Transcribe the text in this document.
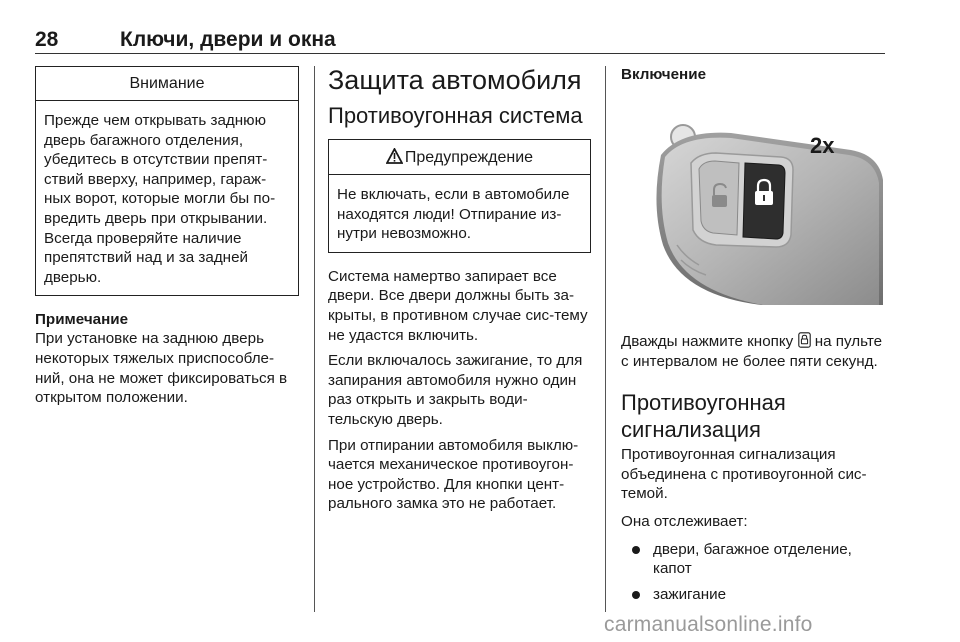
28	Ключи, двери и окна
Внимание
Прежде чем открывать заднюю дверь багажного отделения, убедитесь в отсутствии препят-ствий вверху, например, гараж-ных ворот, которые могли бы по-вредить дверь при открывании. Всегда проверяйте наличие препятствий над и за задней дверью.
Примечание

При установке на заднюю дверь некоторых тяжелых приспособле-ний, она не может фиксироваться в открытом положении.

Защита автомобиля
Противоугонная система
Предупреждение
Не включать, если в автомобиле находятся люди! Отпирание из-нутри невозможно.

Система намертво запирает все двери. Все двери должны быть за-крыты, в противном случае сис-тему не удастся включить.

Если включалось зажигание, то для запирания автомобиля нужно один раз открыть и закрыть води-тельскую дверь.

При отпирании автомобиля выклю-чается механическое противоугон-ное устройство. Для кнопки цент-рального замка это не работает.

Включение
2x

Дважды нажмите кнопку на пульте с интервалом не более пяти секунд.

Противоугонная сигнализация

Противоугонная сигнализация объединена с противоугонной сис-темой.

Она отслеживает:

двери, багажное отделение, капот
зажигание
carmanualsonline.info
